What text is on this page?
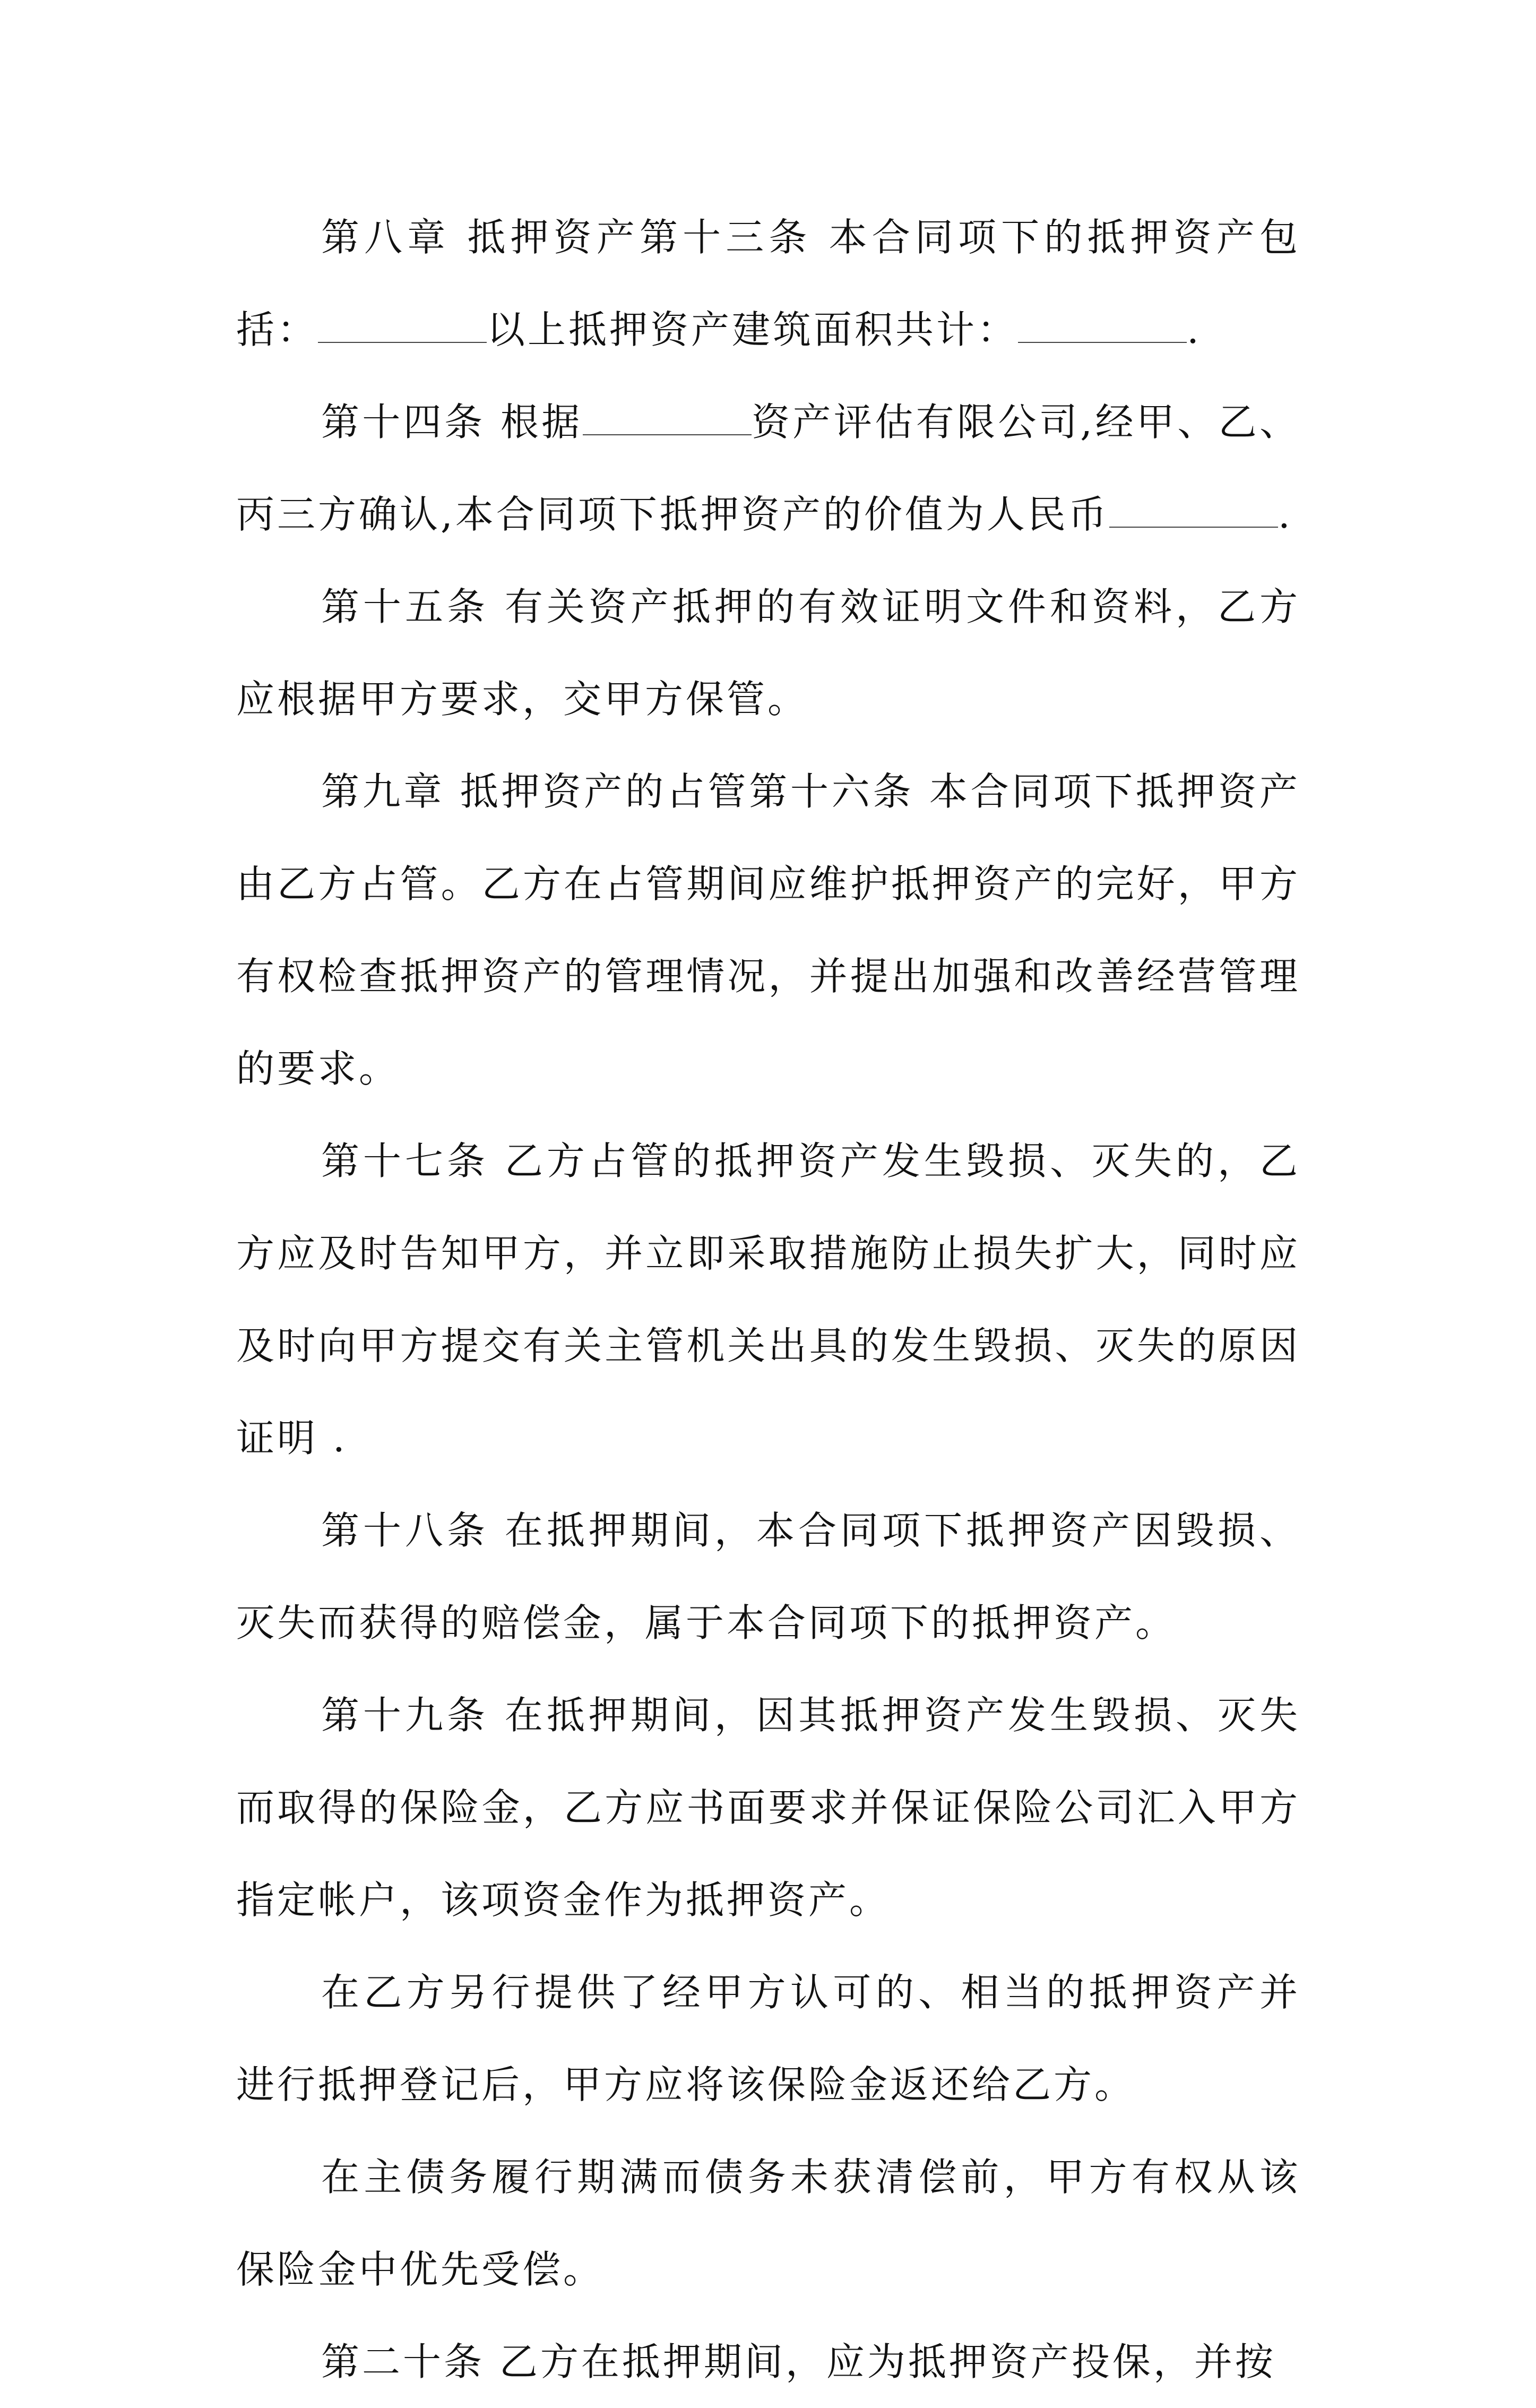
第八章 抵押资产第十三条 本合同项下的抵押资产包括：	以上抵押资产建筑面积共计：	.

第十四条 根据	资产评估有限公司,经甲、乙、丙三方确认,本合同项下抵押资产的价值为人民币	.

第十五条 有关资产抵押的有效证明文件和资料，乙方应根据甲方要求，交甲方保管。

第九章 抵押资产的占管第十六条 本合同项下抵押资产由乙方占管。乙方在占管期间应维护抵押资产的完好，甲方有权检查抵押资产的管理情况，并提出加强和改善经营管理的要求。

第十七条 乙方占管的抵押资产发生毁损、灭失的，乙方应及时告知甲方，并立即采取措施防止损失扩大，同时应及时向甲方提交有关主管机关出具的发生毁损、灭失的原因证明 .

第十八条 在抵押期间，本合同项下抵押资产因毁损、灭失而获得的赔偿金，属于本合同项下的抵押资产。

第十九条 在抵押期间，因其抵押资产发生毁损、灭失而取得的保险金，乙方应书面要求并保证保险公司汇入甲方指定帐户，该项资金作为抵押资产。

在乙方另行提供了经甲方认可的、相当的抵押资产并进行抵押登记后，甲方应将该保险金返还给乙方。

在主债务履行期满而债务未获清偿前，甲方有权从该保险金中优先受偿。

第二十条 乙方在抵押期间，应为抵押资产投保，并按
